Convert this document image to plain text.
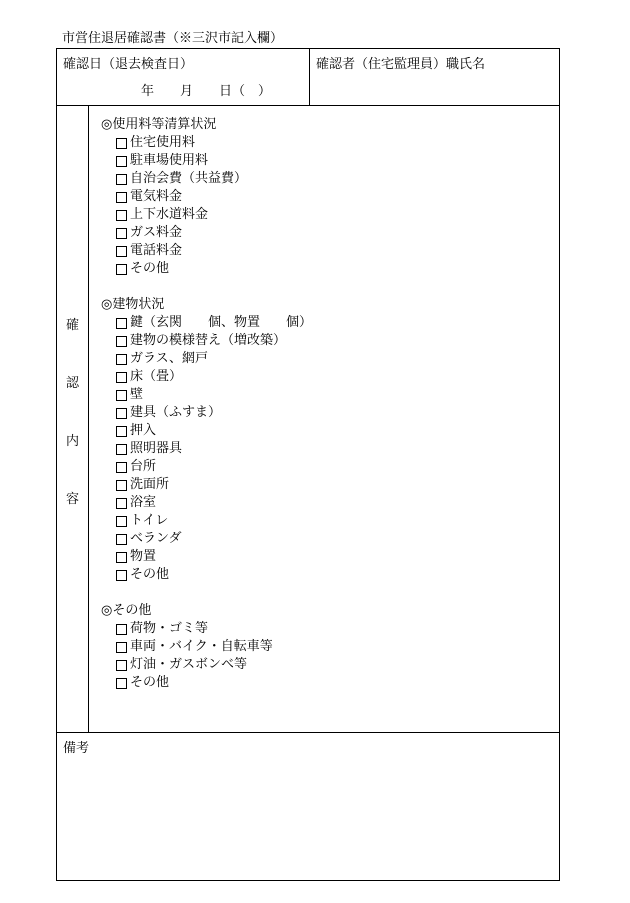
市営住退居確認書（※三沢市記入欄）
確認日（退去検査日）
年　　月　　日（　）
確認者（住宅監理員）職氏名
確
認
内
容
◎使用料等清算状況
住宅使用料
駐車場使用料
自治会費（共益費）
電気料金
上下水道料金
ガス料金
電話料金
その他
◎建物状況
鍵（玄関　　個、物置　　個）
建物の模様替え（増改築）
ガラス、網戸
床（畳）
壁
建具（ふすま）
押入
照明器具
台所
洗面所
浴室
トイレ
ベランダ
物置
その他
◎その他
荷物・ゴミ等
車両・バイク・自転車等
灯油・ガスボンベ等
その他
備考
